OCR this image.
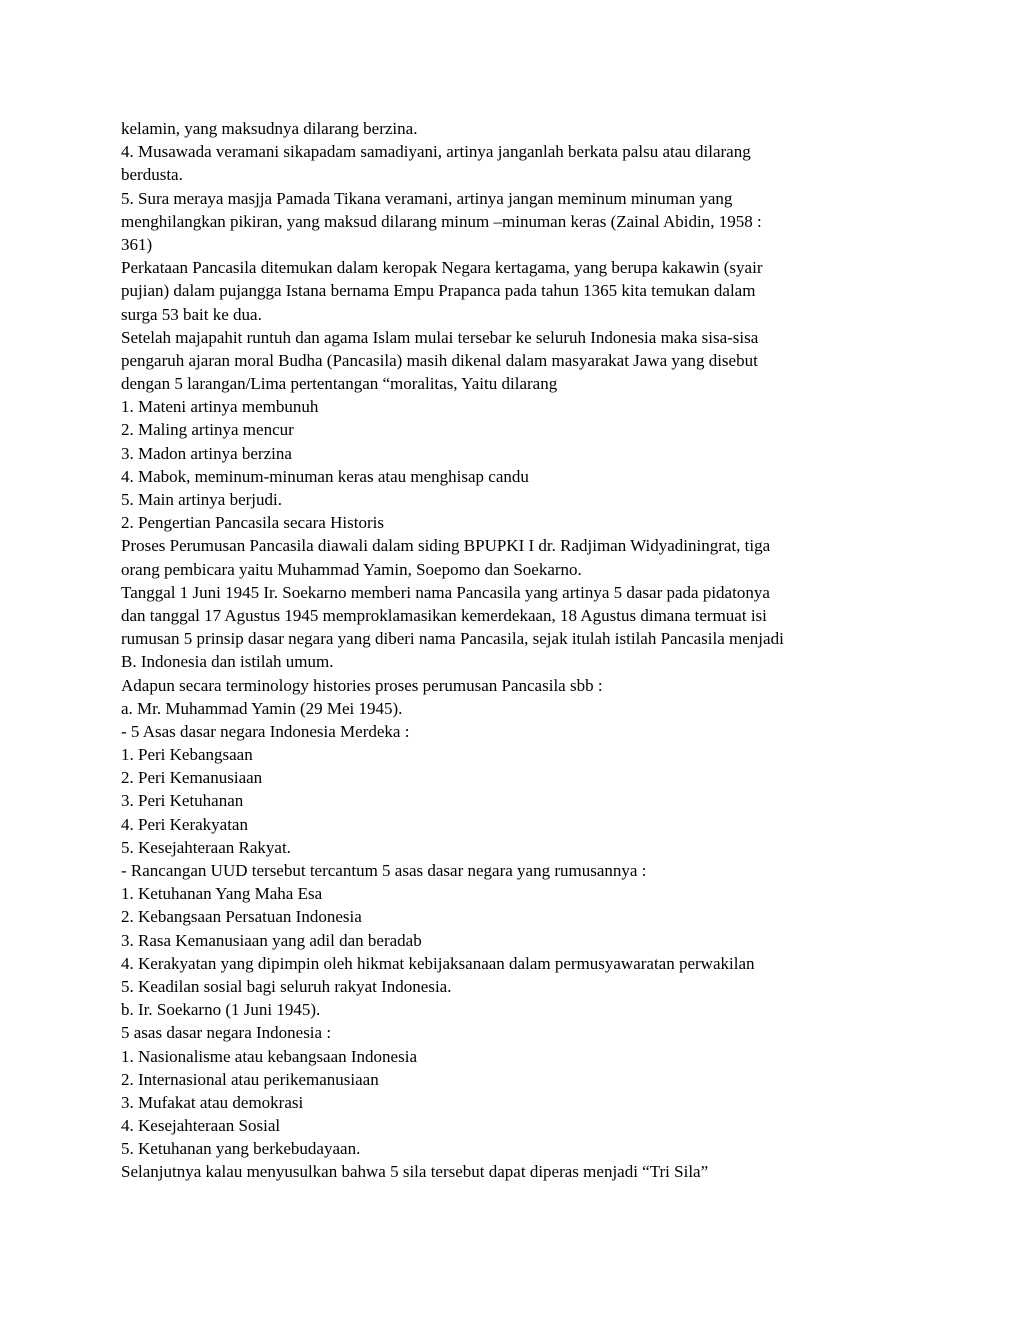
kelamin, yang maksudnya dilarang berzina.
4. Musawada veramani sikapadam samadiyani, artinya janganlah berkata palsu atau dilarang
berdusta.
5. Sura meraya masjja Pamada Tikana veramani, artinya jangan meminum minuman yang
menghilangkan pikiran, yang maksud dilarang minum –minuman keras (Zainal Abidin, 1958 :
361)
Perkataan Pancasila ditemukan dalam keropak Negara kertagama, yang berupa kakawin (syair
pujian) dalam pujangga Istana bernama Empu Prapanca pada tahun 1365 kita temukan dalam
surga 53 bait ke dua.
Setelah majapahit runtuh dan agama Islam mulai tersebar ke seluruh Indonesia maka sisa-sisa
pengaruh ajaran moral Budha (Pancasila) masih dikenal dalam masyarakat Jawa yang disebut
dengan 5 larangan/Lima pertentangan “moralitas, Yaitu dilarang
1. Mateni artinya membunuh
2. Maling artinya mencur
3. Madon artinya berzina
4. Mabok, meminum-minuman keras atau menghisap candu
5. Main artinya berjudi.
2. Pengertian Pancasila secara Historis
Proses Perumusan Pancasila diawali dalam siding BPUPKI I dr. Radjiman Widyadiningrat, tiga
orang pembicara yaitu Muhammad Yamin, Soepomo dan Soekarno.
Tanggal 1 Juni 1945 Ir. Soekarno memberi nama Pancasila yang artinya 5 dasar pada pidatonya
dan tanggal 17 Agustus 1945 memproklamasikan kemerdekaan, 18 Agustus dimana termuat isi
rumusan 5 prinsip dasar negara yang diberi nama Pancasila, sejak itulah istilah Pancasila menjadi
B. Indonesia dan istilah umum.
Adapun secara terminology histories proses perumusan Pancasila sbb :
a. Mr. Muhammad Yamin (29 Mei 1945).
- 5 Asas dasar negara Indonesia Merdeka :
1. Peri Kebangsaan
2. Peri Kemanusiaan
3. Peri Ketuhanan
4. Peri Kerakyatan
5. Kesejahteraan Rakyat.
- Rancangan UUD tersebut tercantum 5 asas dasar negara yang rumusannya :
1. Ketuhanan Yang Maha Esa
2. Kebangsaan Persatuan Indonesia
3. Rasa Kemanusiaan yang adil dan beradab
4. Kerakyatan yang dipimpin oleh hikmat kebijaksanaan dalam permusyawaratan perwakilan
5. Keadilan sosial bagi seluruh rakyat Indonesia.
b. Ir. Soekarno (1 Juni 1945).
5 asas dasar negara Indonesia :
1. Nasionalisme atau kebangsaan Indonesia
2. Internasional atau perikemanusiaan
3. Mufakat atau demokrasi
4. Kesejahteraan Sosial
5. Ketuhanan yang berkebudayaan.
Selanjutnya kalau menyusulkan bahwa 5 sila tersebut dapat diperas menjadi “Tri Sila”
